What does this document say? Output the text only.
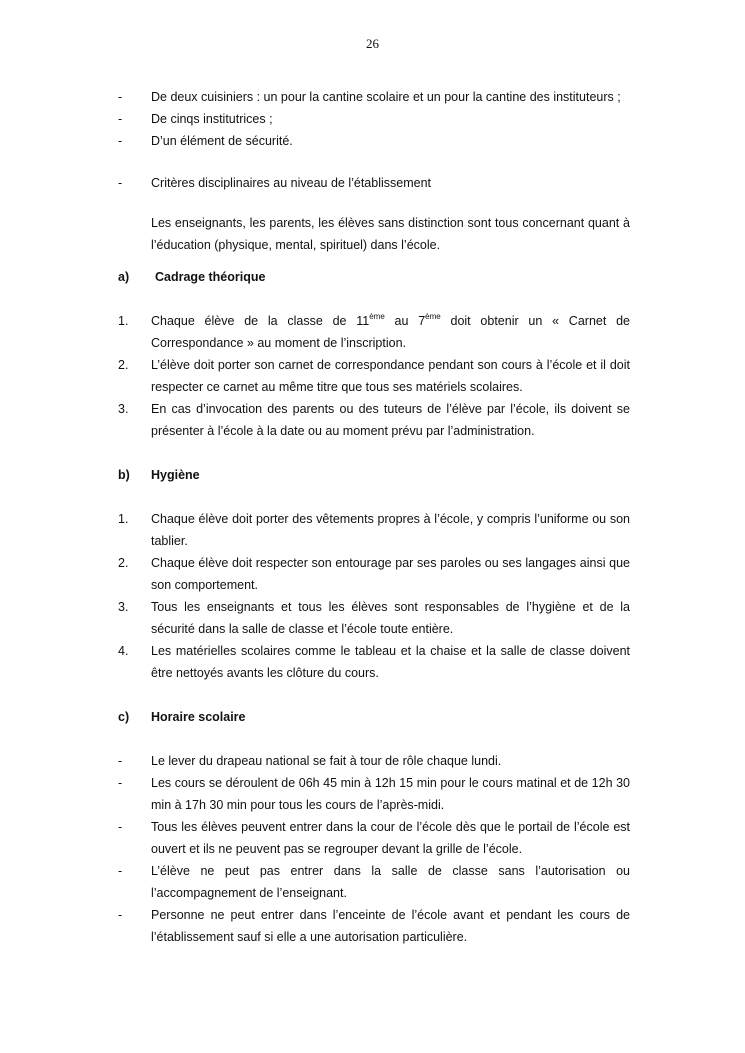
26
- De deux cuisiniers : un pour la cantine scolaire et un pour la cantine des instituteurs ;
- De cinqs institutrices ;
- D’un élément de sécurité.
- Critères disciplinaires au niveau de l’établissement
Les enseignants, les parents, les élèves sans distinction sont tous concernant quant à l’éducation (physique, mental, spirituel) dans l’école.
a) Cadrage théorique
1. Chaque élève de la classe de 11ème au 7ème doit obtenir un « Carnet de Correspondance » au moment de l’inscription.
2. L’élève doit porter son carnet de correspondance pendant son cours à l’école et il doit respecter ce carnet au même titre que tous ses matériels scolaires.
3. En cas d’invocation des parents ou des tuteurs de l’élève par l’école, ils doivent se présenter à l’école à la date ou au moment prévu par l’administration.
b) Hygiène
1. Chaque élève doit porter des vêtements propres à l’école, y compris l’uniforme ou son tablier.
2. Chaque élève doit respecter son entourage par ses paroles ou ses langages ainsi que son comportement.
3. Tous les enseignants et tous les élèves sont responsables de l’hygiène et de la sécurité dans la salle de classe et l’école toute entière.
4. Les matérielles scolaires comme le tableau et la chaise et la salle de classe doivent être nettoyés avants les clôture du cours.
c) Horaire scolaire
- Le lever du drapeau national se fait à tour de rôle chaque lundi.
- Les cours se déroulent de 06h 45 min à 12h 15 min pour le cours matinal et de 12h 30 min à 17h 30 min pour tous les cours de l’après-midi.
- Tous les élèves peuvent entrer dans la cour de l’école dès que le portail de l’école est ouvert et ils ne peuvent pas se regrouper devant la grille de l’école.
- L’élève ne peut pas entrer dans la salle de classe sans l’autorisation ou l’accompagnement de l’enseignant.
- Personne ne peut entrer dans l’enceinte de l’école avant et pendant les cours de l’établissement sauf si elle a une autorisation particulière.
